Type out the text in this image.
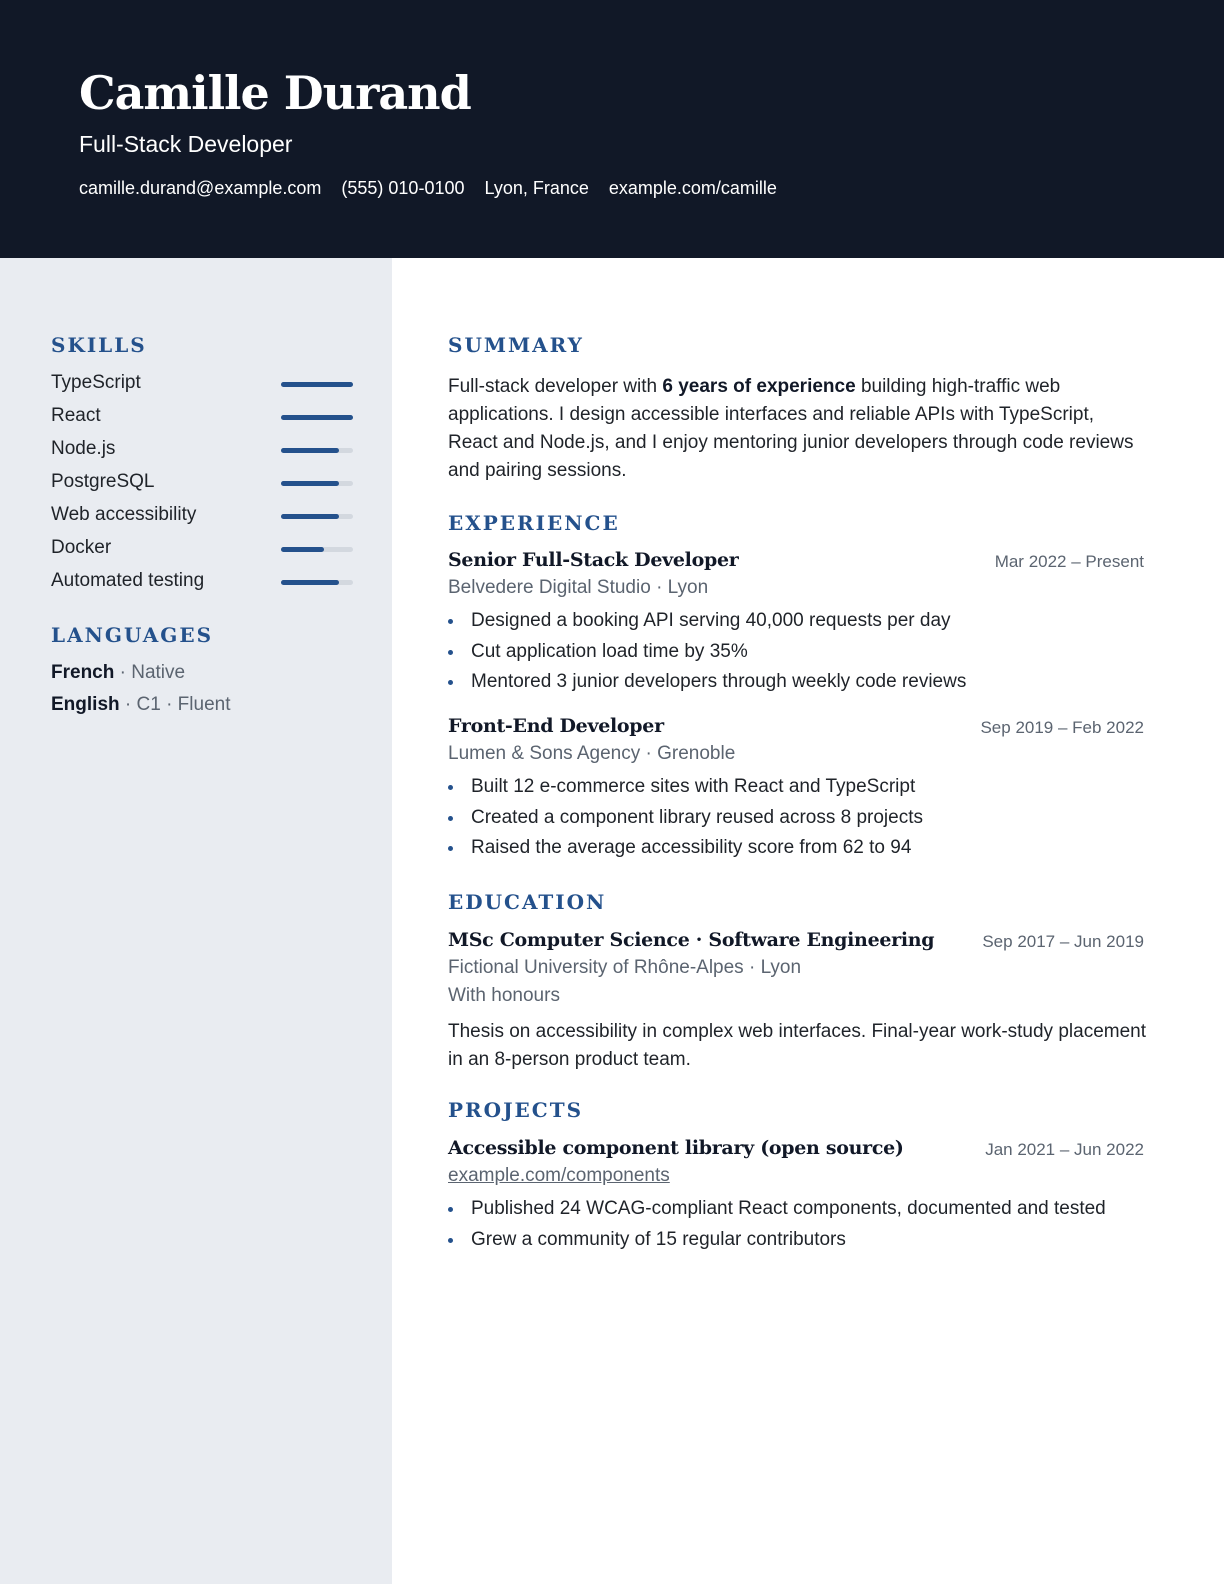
Camille Durand
Full-Stack Developer
camille.durand@example.com (555) 010-0100 Lyon, France example.com/camille
SKILLS
TypeScript
React
Node.js
PostgreSQL
Web accessibility
Docker
Automated testing
LANGUAGES
French · Native
English · C1 · Fluent
SUMMARY
Full-stack developer with 6 years of experience building high-traffic web applications. I design accessible interfaces and reliable APIs with TypeScript, React and Node.js, and I enjoy mentoring junior developers through code reviews and pairing sessions.
EXPERIENCE
Senior Full-Stack Developer	Mar 2022 – Present
Belvedere Digital Studio · Lyon
Designed a booking API serving 40,000 requests per day
Cut application load time by 35%
Mentored 3 junior developers through weekly code reviews
Front-End Developer	Sep 2019 – Feb 2022
Lumen & Sons Agency · Grenoble
Built 12 e-commerce sites with React and TypeScript
Created a component library reused across 8 projects
Raised the average accessibility score from 62 to 94
EDUCATION
MSc Computer Science · Software Engineering	Sep 2017 – Jun 2019
Fictional University of Rhône-Alpes · Lyon
With honours
Thesis on accessibility in complex web interfaces. Final-year work-study placement in an 8-person product team.
PROJECTS
Accessible component library (open source)	Jan 2021 – Jun 2022
example.com/components
Published 24 WCAG-compliant React components, documented and tested
Grew a community of 15 regular contributors
